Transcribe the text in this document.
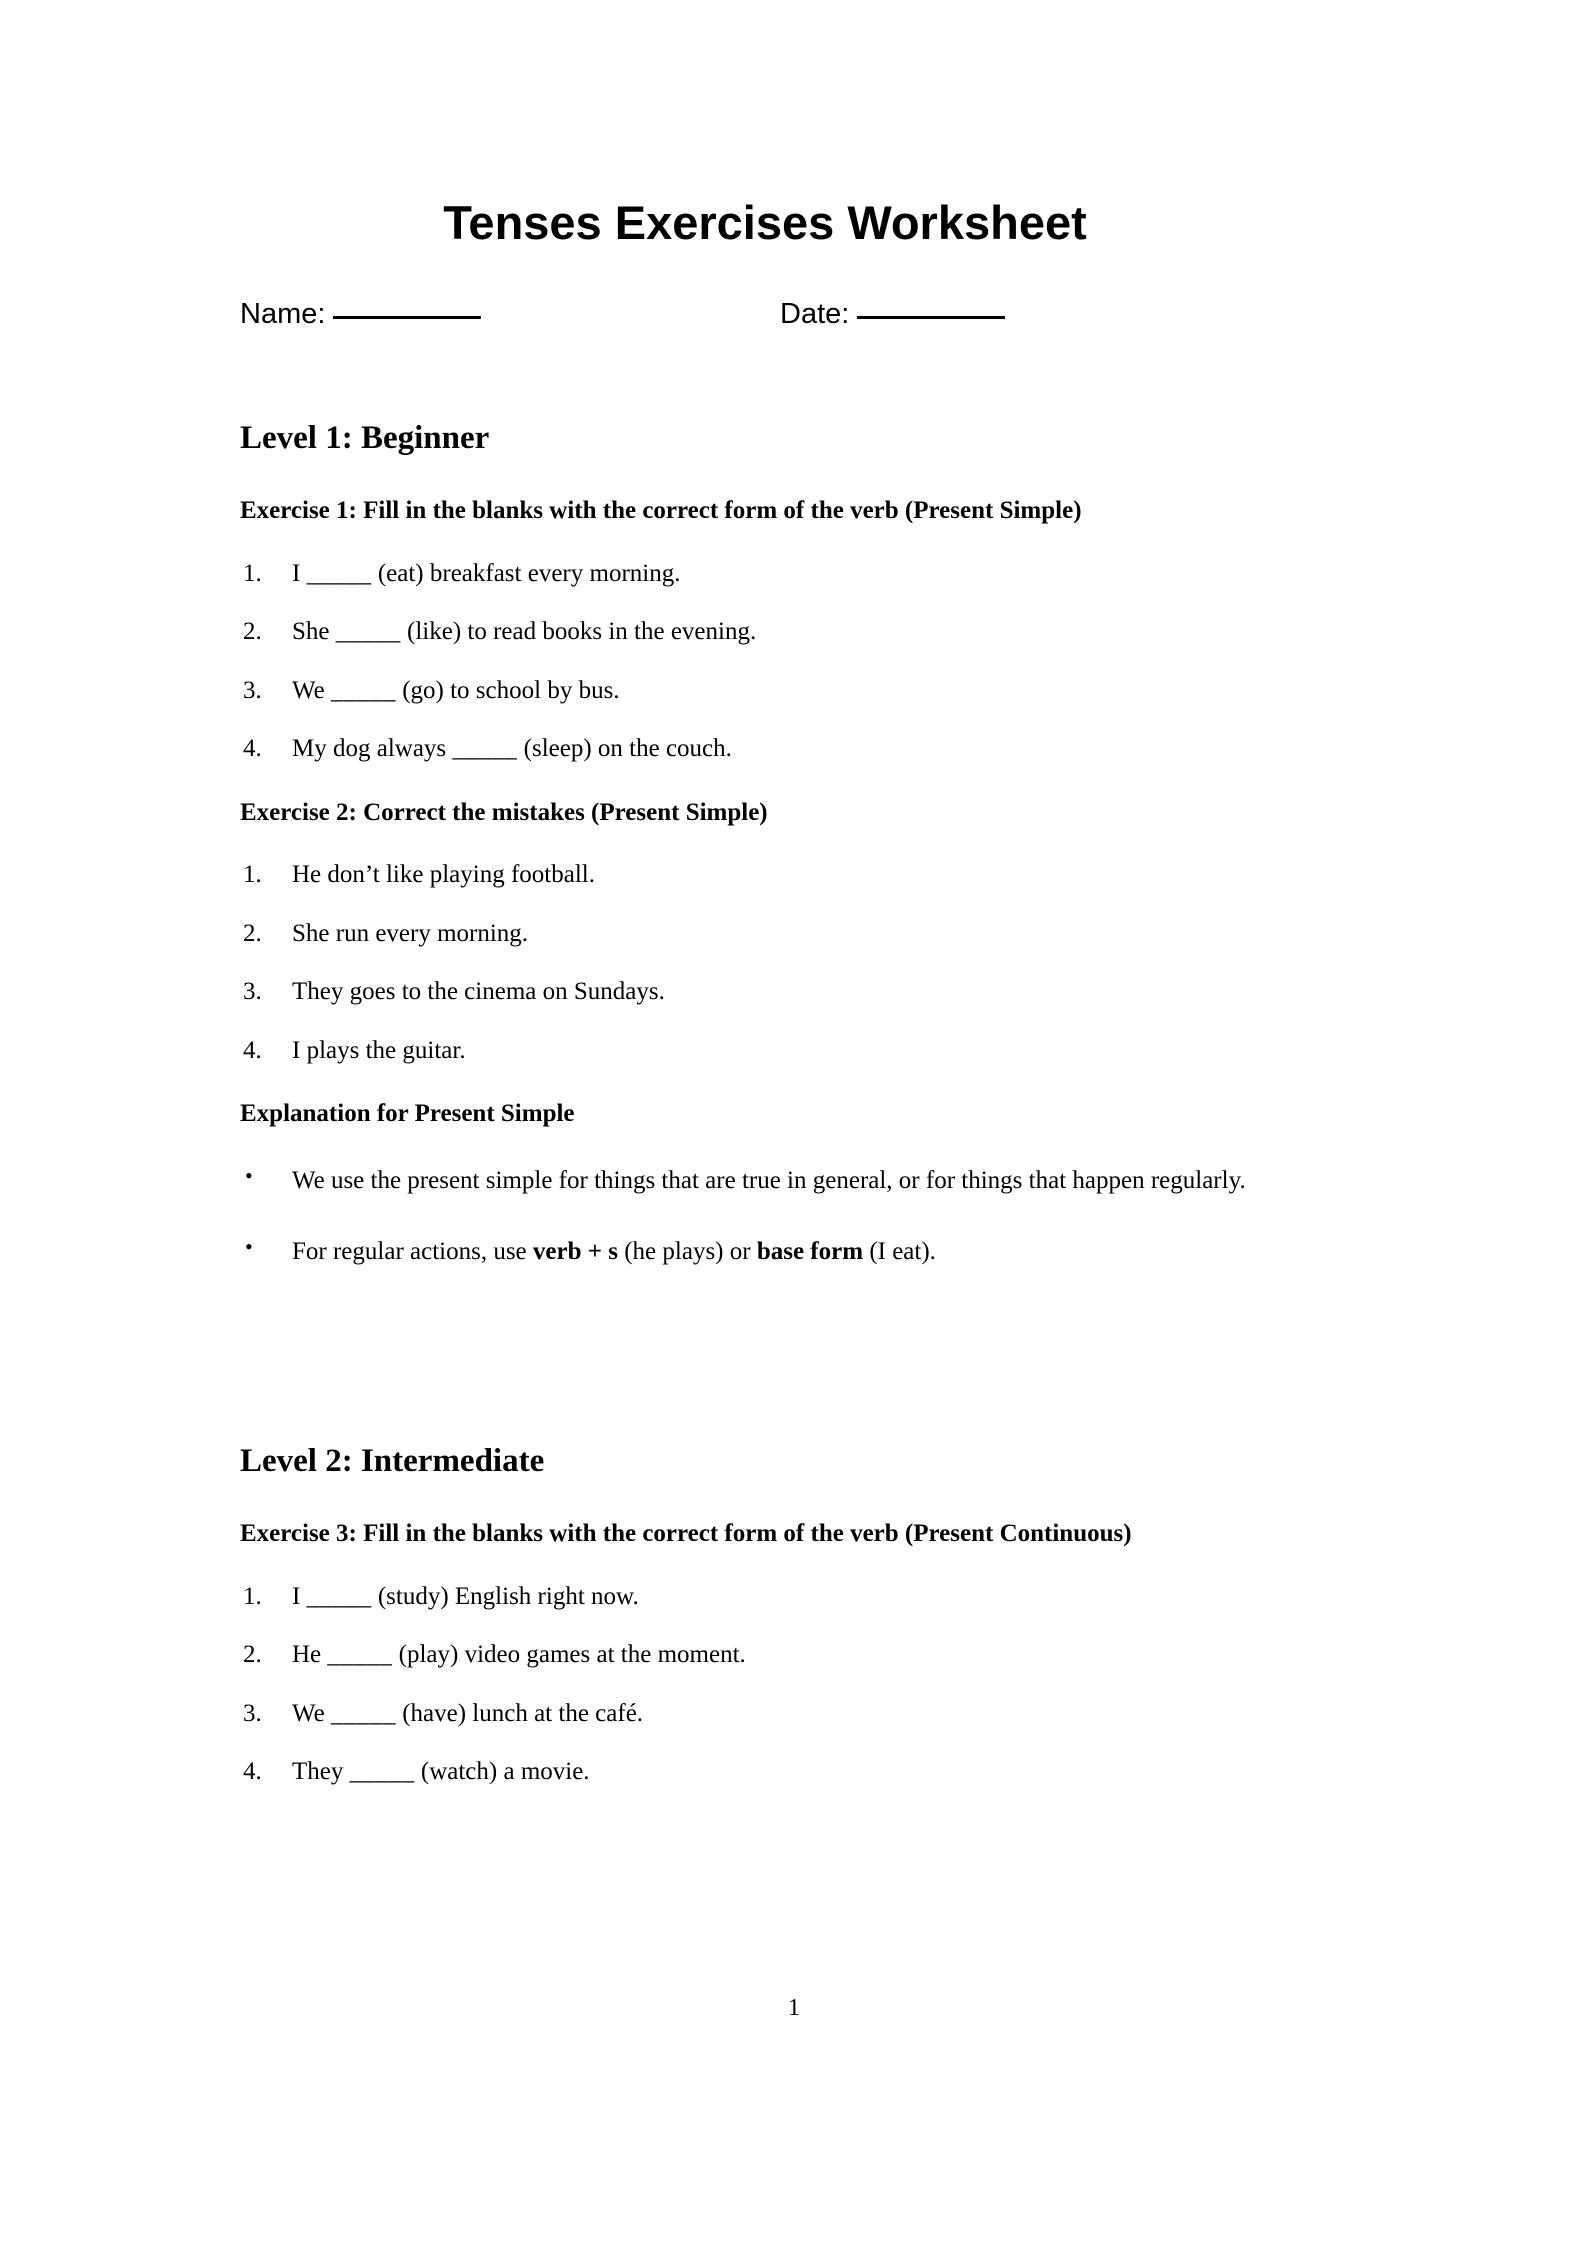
Tenses Exercises Worksheet
Name:	Date:
Level 1: Beginner
Exercise 1: Fill in the blanks with the correct form of the verb (Present Simple)
1.	I _____ (eat) breakfast every morning.
2.	She _____ (like) to read books in the evening.
3.	We _____ (go) to school by bus.
4.	My dog always _____ (sleep) on the couch.
Exercise 2: Correct the mistakes (Present Simple)
1.	He don’t like playing football.
2.	She run every morning.
3.	They goes to the cinema on Sundays.
4.	I plays the guitar.
Explanation for Present Simple
•	We use the present simple for things that are true in general, or for things that happen regularly.
•	For regular actions, use verb + s (he plays) or base form (I eat).
Level 2: Intermediate
Exercise 3: Fill in the blanks with the correct form of the verb (Present Continuous)
1.	I _____ (study) English right now.
2.	He _____ (play) video games at the moment.
3.	We _____ (have) lunch at the café.
4.	They _____ (watch) a movie.
1
